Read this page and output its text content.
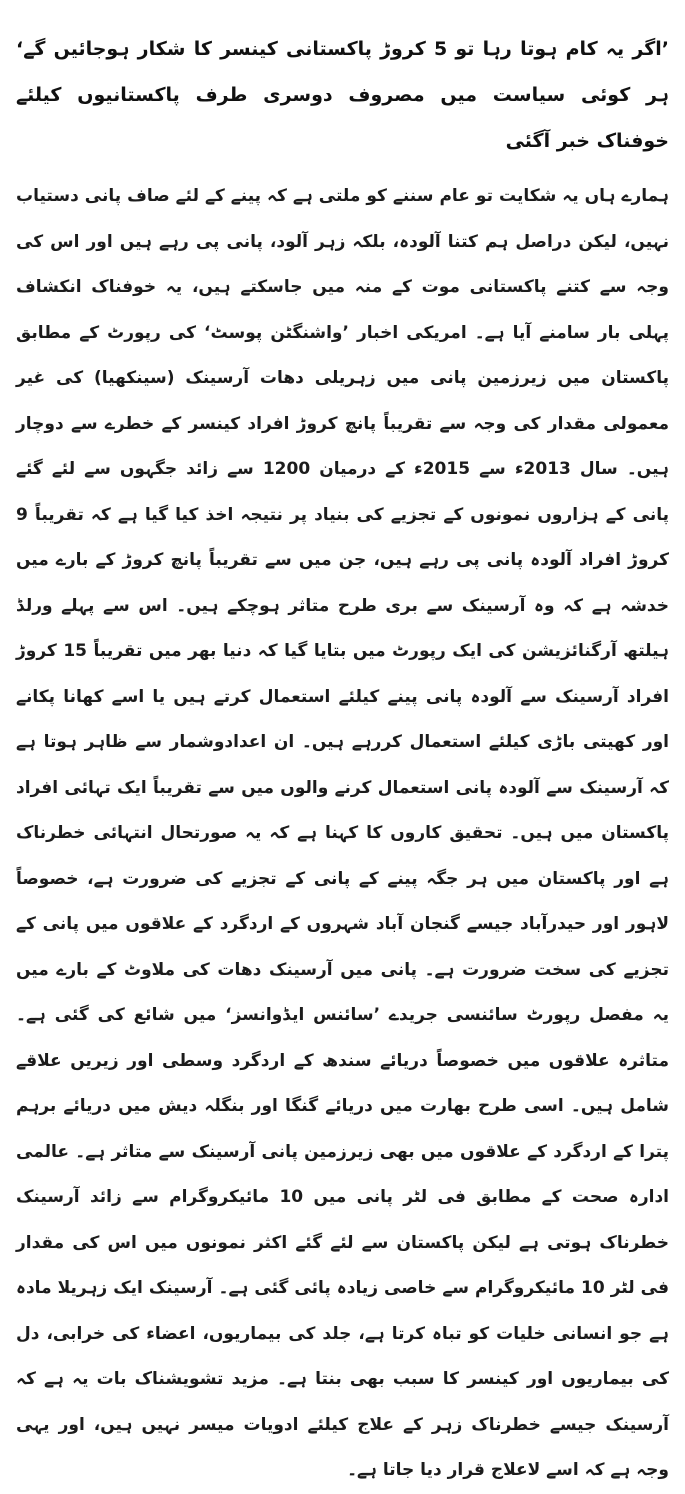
’اگر یہ کام ہوتا رہا تو 5 کروڑ پاکستانی کینسر کا شکار ہوجائیں گے‘ ہر کوئی سیاست میں مصروف دوسری طرف پاکستانیوں کیلئے خوفناک خبر آگئی

ہمارے ہاں یہ شکایت تو عام سننے کو ملتی ہے کہ پینے کے لئے صاف پانی دستیاب نہیں، لیکن دراصل ہم کتنا آلودہ، بلکہ زہر آلود، پانی پی رہے ہیں اور اس کی وجہ سے کتنے پاکستانی موت کے منہ میں جاسکتے ہیں، یہ خوفناک انکشاف پہلی بار سامنے آیا ہے۔ امریکی اخبار ’واشنگٹن پوسٹ‘ کی رپورٹ کے مطابق پاکستان میں زیرزمین پانی میں زہریلی دھات آرسینک (سینکھیا) کی غیر معمولی مقدار کی وجہ سے تقریباً پانچ کروڑ افراد کینسر کے خطرے سے دوچار ہیں۔ سال 2013ء سے 2015ء کے درمیان 1200 سے زائد جگہوں سے لئے گئے پانی کے ہزاروں نمونوں کے تجزیے کی بنیاد پر نتیجہ اخذ کیا گیا ہے کہ تقریباً 9 کروڑ افراد آلودہ پانی پی رہے ہیں، جن میں سے تقریباً پانچ کروڑ کے بارے میں خدشہ ہے کہ وہ آرسینک سے بری طرح متاثر ہوچکے ہیں۔ اس سے پہلے ورلڈ ہیلتھ آرگنائزیشن کی ایک رپورٹ میں بتایا گیا کہ دنیا بھر میں تقریباً 15 کروڑ افراد آرسینک سے آلودہ پانی پینے کیلئے استعمال کرتے ہیں یا اسے کھانا پکانے اور کھیتی باڑی کیلئے استعمال کررہے ہیں۔ ان اعدادوشمار سے ظاہر ہوتا ہے کہ آرسینک سے آلودہ پانی استعمال کرنے والوں میں سے تقریباً ایک تہائی افراد پاکستان میں ہیں۔ تحقیق کاروں کا کہنا ہے کہ یہ صورتحال انتہائی خطرناک ہے اور پاکستان میں ہر جگہ پینے کے پانی کے تجزیے کی ضرورت ہے، خصوصاً لاہور اور حیدرآباد جیسے گنجان آباد شہروں کے اردگرد کے علاقوں میں پانی کے تجزیے کی سخت ضرورت ہے۔ پانی میں آرسینک دھات کی ملاوٹ کے بارے میں یہ مفصل رپورٹ سائنسی جریدے ’سائنس ایڈوانسز‘ میں شائع کی گئی ہے۔ متاثرہ علاقوں میں خصوصاً دریائے سندھ کے اردگرد وسطی اور زیریں علاقے شامل ہیں۔ اسی طرح بھارت میں دریائے گنگا اور بنگلہ دیش میں دریائے برہم پترا کے اردگرد کے علاقوں میں بھی زیرزمین پانی آرسینک سے متاثر ہے۔ عالمی ادارہ صحت کے مطابق فی لٹر پانی میں 10 مائیکروگرام سے زائد آرسینک خطرناک ہوتی ہے لیکن پاکستان سے لئے گئے اکثر نمونوں میں اس کی مقدار فی لٹر 10 مائیکروگرام سے خاصی زیادہ پائی گئی ہے۔ آرسینک ایک زہریلا مادہ ہے جو انسانی خلیات کو تباہ کرتا ہے، جلد کی بیماریوں، اعضاء کی خرابی، دل کی بیماریوں اور کینسر کا سبب بھی بنتا ہے۔ مزید تشویشناک بات یہ ہے کہ آرسینک جیسے خطرناک زہر کے علاج کیلئے ادویات میسر نہیں ہیں، اور یہی وجہ ہے کہ اسے لاعلاج قرار دیا جاتا ہے۔
